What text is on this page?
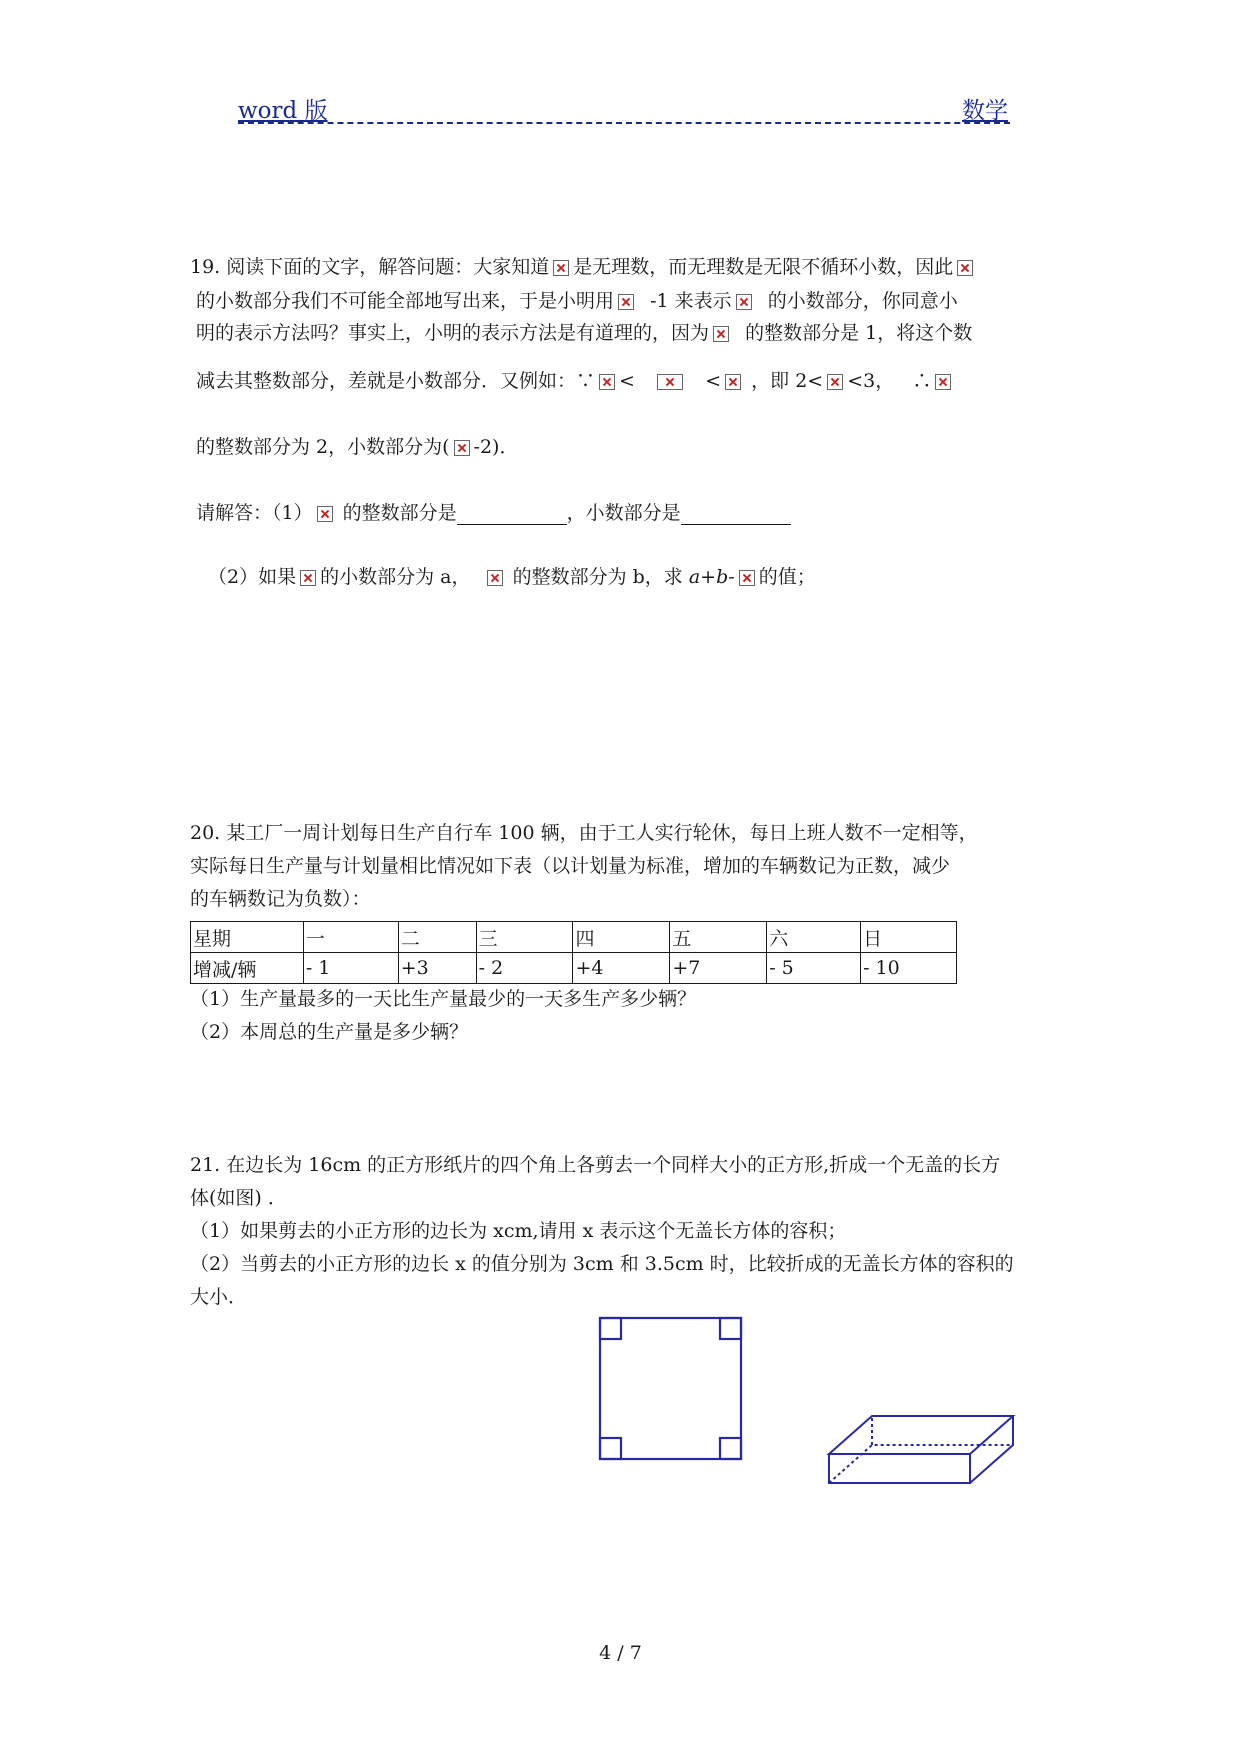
word 版	数学
19. 阅读下面的文字，解答问题：大家知道 是无理数，而无理数是无限不循环小数，因此
的小数部分我们不可能全部地写出来，于是小明用 -1 来表示 的小数部分，你同意小
明的表示方法吗？事实上，小明的表示方法是有道理的，因为 的整数部分是 1，将这个数
减去其整数部分，差就是小数部分．又例如：∵ <	< ，即 2< <3， ∴
的整数部分为 2，小数部分为( -2)．
请解答：（1） 的整数部分是	，小数部分是
（2）如果 的小数部分为 a， 的整数部分为 b，求 a+b- 的值；
20. 某工厂一周计划每日生产自行车 100 辆，由于工人实行轮休，每日上班人数不一定相等，
实际每日生产量与计划量相比情况如下表（以计划量为标准，增加的车辆数记为正数，减少
的车辆数记为负数）：
星期	一	二	三	四	五	六	日
增减/辆	- 1	+3	- 2	+4	+7	- 5	- 10
（1）生产量最多的一天比生产量最少的一天多生产多少辆？
（2）本周总的生产量是多少辆？
21. 在边长为 16cm 的正方形纸片的四个角上各剪去一个同样大小的正方形,折成一个无盖的长方
体(如图) ．
（1）如果剪去的小正方形的边长为 xcm,请用 x 表示这个无盖长方体的容积；
（2）当剪去的小正方形的边长 x 的值分别为 3cm 和 3.5cm 时，比较折成的无盖长方体的容积的
大小．
4 / 7
